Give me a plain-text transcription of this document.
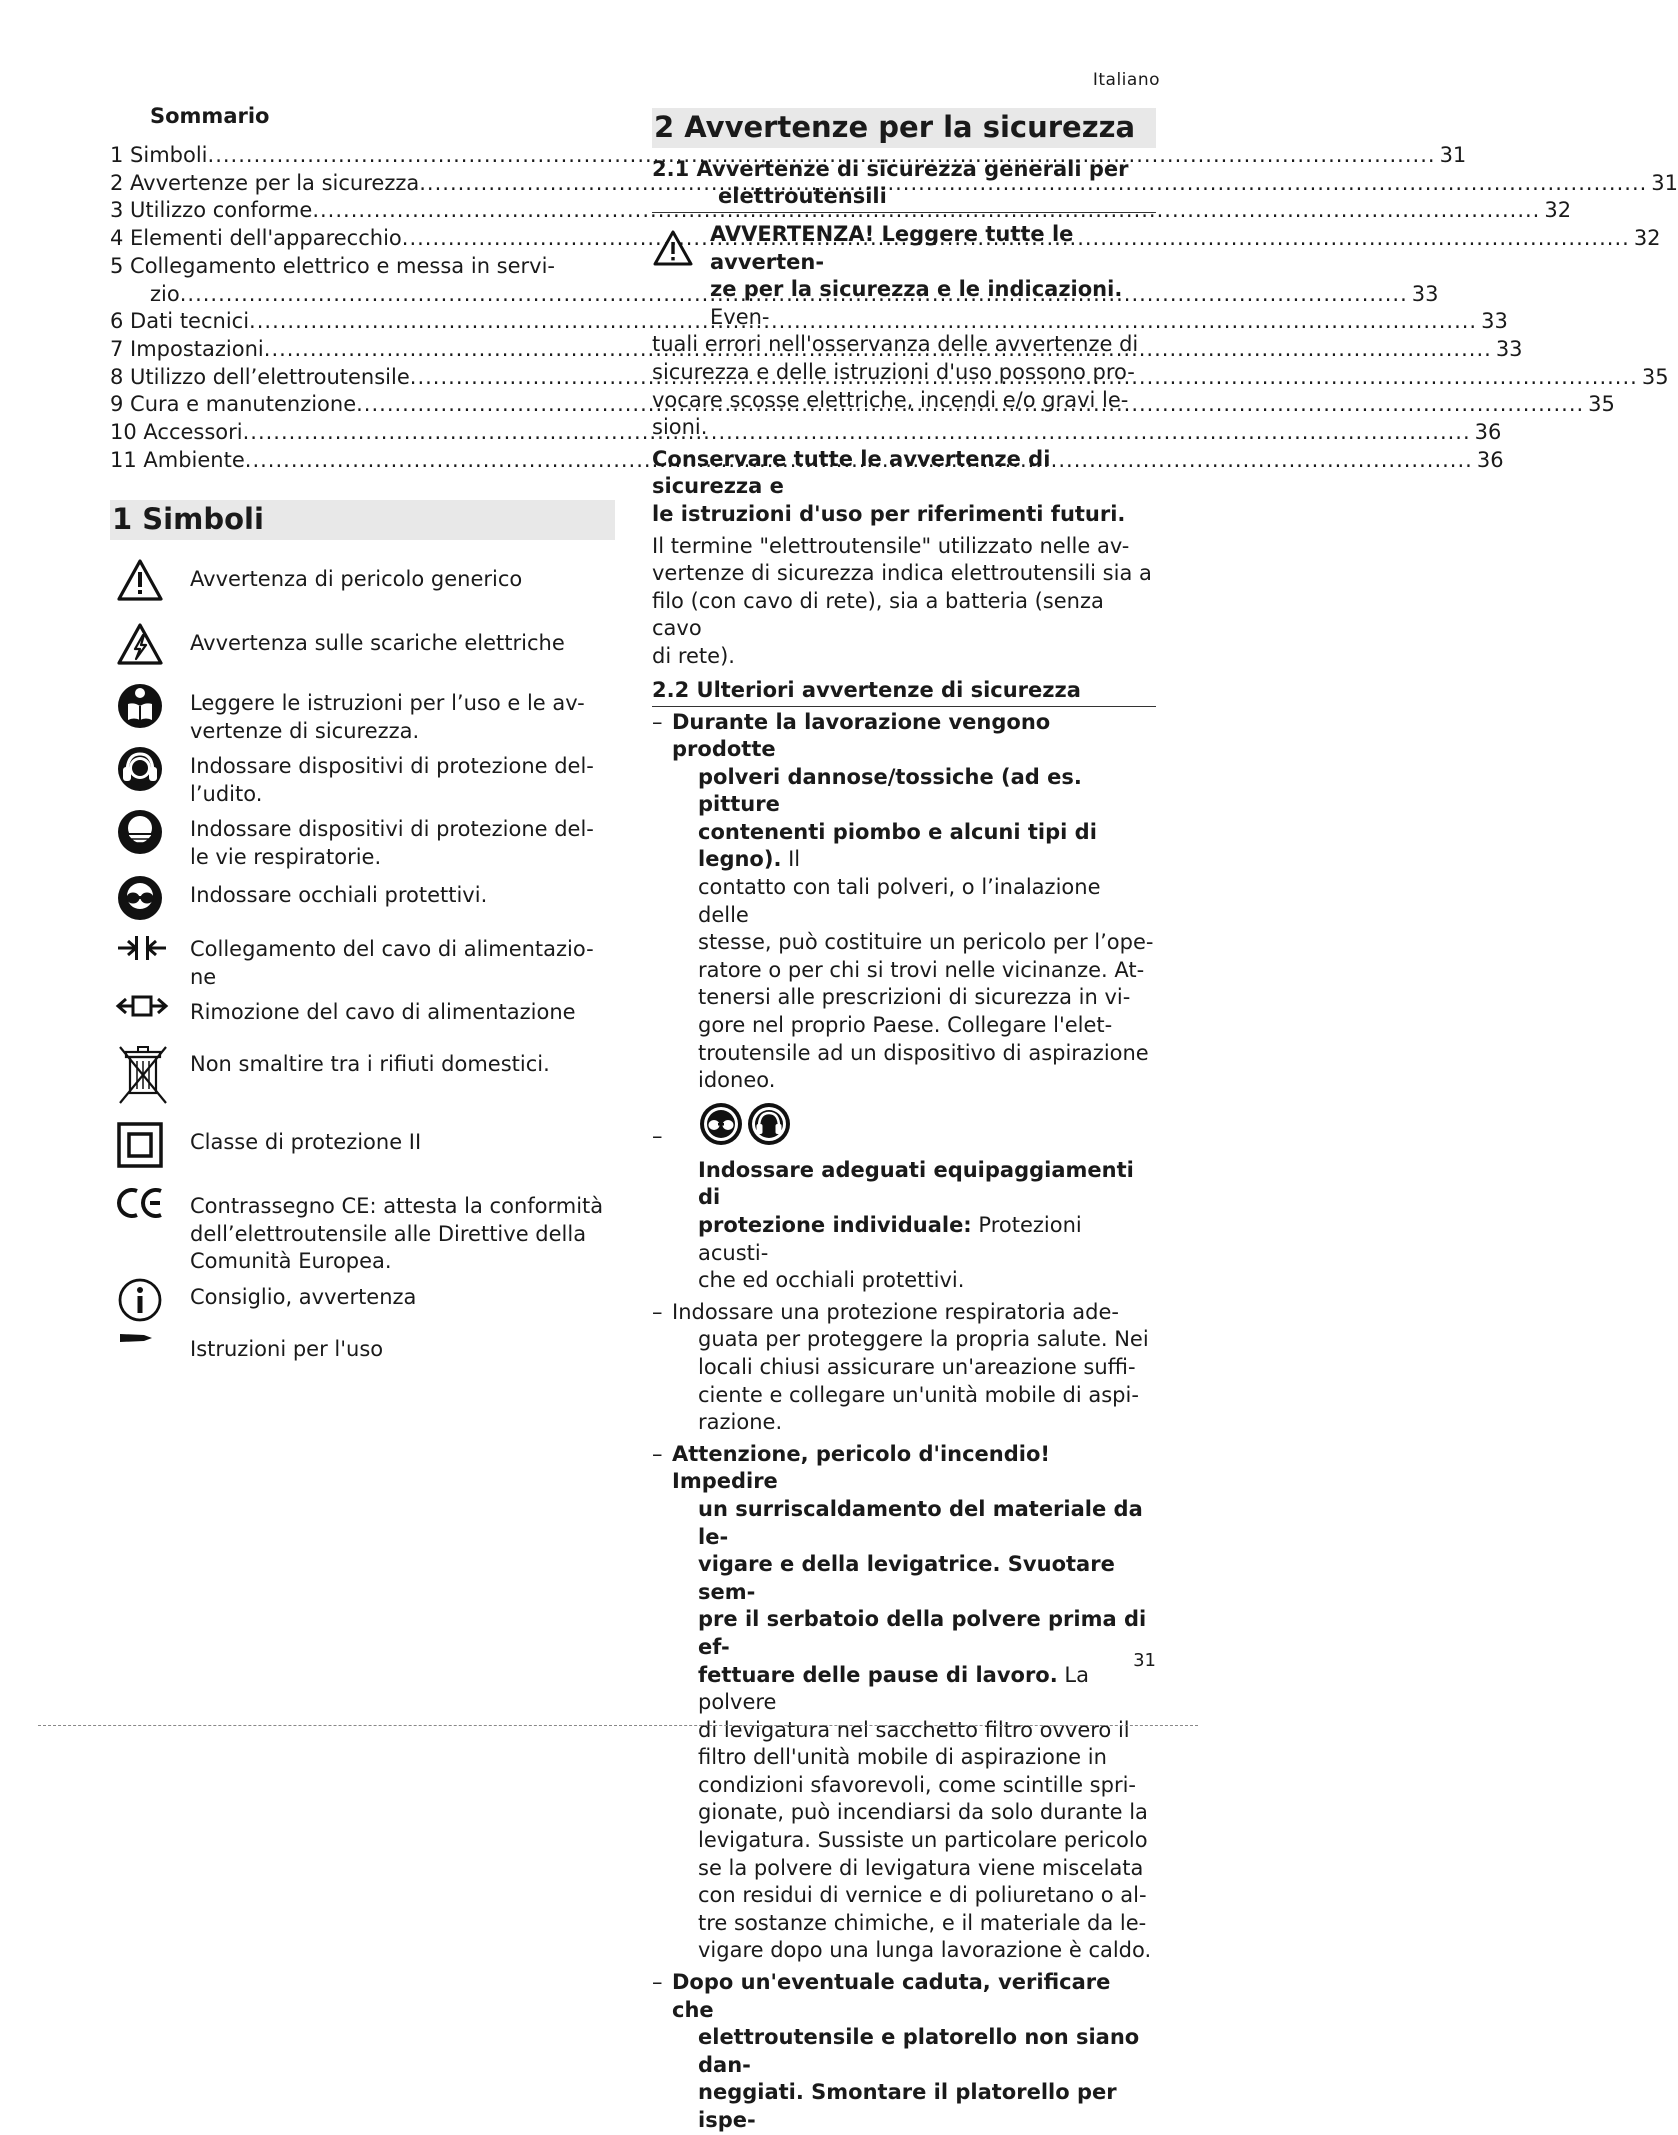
Italiano
Sommario
1 Simboli .....	31
2 Avvertenze per la sicurezza .....	31
3 Utilizzo conforme .....	32
4 Elementi dell'apparecchio .....	32
5 Collegamento elettrico e messa in servi-
zio .....	33
6 Dati tecnici .....	33
7 Impostazioni .....	33
8 Utilizzo dell’elettroutensile .....	35
9 Cura e manutenzione .....	35
10 Accessori .....	36
11 Ambiente .....	36
1 Simboli
Avvertenza di pericolo generico
Avvertenza sulle scariche elettriche
Leggere le istruzioni per l’uso e le av-
vertenze di sicurezza.
Indossare dispositivi di protezione del-
l’udito.
Indossare dispositivi di protezione del-
le vie respiratorie.
Indossare occhiali protettivi.
Collegamento del cavo di alimentazio-
ne
Rimozione del cavo di alimentazione
Non smaltire tra i rifiuti domestici.
Classe di protezione II
Contrassegno CE: attesta la conformità
dell’elettroutensile alle Direttive della
Comunità Europea.
Consiglio, avvertenza
Istruzioni per l'uso
2 Avvertenze per la sicurezza
2.1 Avvertenze di sicurezza generali per
elettroutensili
AVVERTENZA! Leggere tutte le avverten-
ze per la sicurezza e le indicazioni. Even-
tuali errori nell'osservanza delle avvertenze di
sicurezza e delle istruzioni d'uso possono pro-
vocare scosse elettriche, incendi e/o gravi le-
sioni.
Conservare tutte le avvertenze di sicurezza e
le istruzioni d'uso per riferimenti futuri.
Il termine "elettroutensile" utilizzato nelle av-
vertenze di sicurezza indica elettroutensili sia a
filo (con cavo di rete), sia a batteria (senza cavo
di rete).
2.2 Ulteriori avvertenze di sicurezza
– Durante la lavorazione vengono prodotte
polveri dannose/tossiche (ad es. pitture
contenenti piombo e alcuni tipi di legno). Il
contatto con tali polveri, o l’inalazione delle
stesse, può costituire un pericolo per l’ope-
ratore o per chi si trovi nelle vicinanze. At-
tenersi alle prescrizioni di sicurezza in vi-
gore nel proprio Paese. Collegare l'elet-
troutensile ad un dispositivo di aspirazione
idoneo.
–
Indossare adeguati equipaggiamenti di
protezione individuale: Protezioni acusti-
che ed occhiali protettivi.
– Indossare una protezione respiratoria ade-
guata per proteggere la propria salute. Nei
locali chiusi assicurare un'areazione suffi-
ciente e collegare un'unità mobile di aspi-
razione.
– Attenzione, pericolo d'incendio! Impedire
un surriscaldamento del materiale da le-
vigare e della levigatrice. Svuotare sem-
pre il serbatoio della polvere prima di ef-
fettuare delle pause di lavoro. La polvere
di levigatura nel sacchetto filtro ovvero il
filtro dell'unità mobile di aspirazione in
condizioni sfavorevoli, come scintille spri-
gionate, può incendiarsi da solo durante la
levigatura. Sussiste un particolare pericolo
se la polvere di levigatura viene miscelata
con residui di vernice e di poliuretano o al-
tre sostanze chimiche, e il materiale da le-
vigare dopo una lunga lavorazione è caldo.
– Dopo un'eventuale caduta, verificare che
elettroutensile e platorello non siano dan-
neggiati. Smontare il platorello per ispe-
31
